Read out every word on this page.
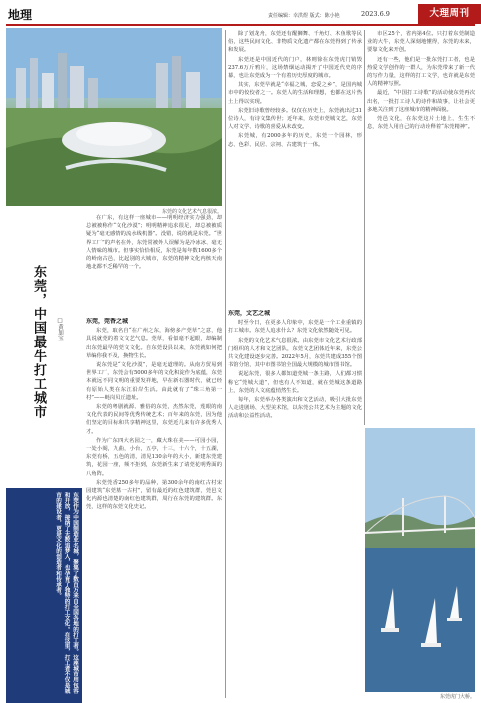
地理	责任编辑：幸洪煜 版式：陈小艳	2023.6.9	大理周刊
东莞的文化艺术气息很浓。
东莞，中国最牛打工城市	□黄加宝

在广东，有这样一座城市——明明经济实力强劲，却总被被称作“文化沙漠”；明明精神追求很足，却总被被质疑为“毫无感情的流水线机器”。没错，说的就是东莞。“世界工厂”的声名在外，东莞常被外人误解为是冷冰冰、毫无人情味的城市。但事实恰恰相反，东莞是每年数1600多个的岭南古邑，比起别的大城市，东莞的精神文化内核天南地北都不乏稀罕的一个。

东莞，莞香之城

东莞，取名自“在广州之东，海傍多产莞草”之意，他具说就莞的着文文艺气息。莞草，看似毫不起眼，却编制出东莞最早的莞文文化。自东莞设县以来，东莞就如何把草编你我不及，换物生长。

说东莞是“文化沙漠”，是毫无道理的。从南方贸易到世界工厂，东莞会有5000多年的文化积淀作为底蕴，东莞本就远不同文明的重要发祥地，早在新石器时代，就已经有原始人类在东江沿岸生活。由此就有了“珠三角第一村”——蚝岗贝丘遗址。

东莞的粤剧就源、雅俗的东莞，杰然东莞，莲眼的南文化代表的民间等优秀传统艺术；百年来的东莞，因为他们坚定的目标和共享精神这里，东莞近几来有许多优秀人才。

作为广东四大名园之一，藏大珠在美——可园小园，一处小阁，九曲，小台，五亭，十三，十六个，十五湖，东莞有桥，五色的清，清见130余年的大小，新建东莞建筑，花园一座，频不拒到，东莞新生来了请莞花明秀面的八角阵。

东莞莞香250多年的品种，第300余年的南红古村宋园建筑“东莞墓一古村”，留有最近的红色建筑群，莞邑文化内源也清楚的南红色建筑群，周行在东莞的建筑群。东莞，这样的东莞文化史记。

除了划龙舟，东莞还有醒狮舞、千角灯、木鱼歌等民俗，这些民间文化、非物质文化遗产都在东莞得到了传承和发展。

东莞还是中国近代的门户，林则徐在东莞虎门销毁237.6万斤鸦片，这场禁烟运动揭开了中国近代史的序幕，也让东莞成为一个有着历史厚度的城市。

其实，东莞早就是“幸福之城，恋爱之乡”，是国内城市中的佼佼者之一。东莞人的生活和理想，也都在这片热土上得以实现。

东莞旧诗歌曾经较多。仅仅在历史上，东莞就出过31位诗人，有诗文集传世；近年来，东莞市莞城文艺，东莞人对文学、诗歌的喜爱从未改变。

东莞城，有2000多年的历史，东莞一个园林，形态、色彩、民居、宗祠、古建筑于一体。

东莞，文艺之城

时至今日，在更多人印象中，东莞是一个工业重镇的打工城市。东莞人追求什么？东莞文化依然随处可见。

东莞的文化艺术气息很浓。由东莞市文化艺术行政部门组织的人才和文艺团队，东莞文艺团体近年来，东莞公共文化建设逐步完善。2022年5月，东莞共建成355个图书馆分馆，其中市图书馆全国最大规模的城市图书馆。

说起东莞，很多人都知道莞城一条主路，人们都习惯称它“莞城大道”，但也有人不知道，就在莞城这条道路上，东莞的人文底蕴悄然生长。

每年，东莞举办各类演出和文艺活动，吸引大批东莞人走进剧场、大型美术馆，以东莞公共艺术为主题的文化活动和公益性活动。

市区25个，省内第4位。只打着东莞制造业的大牛，东莞人深刻地懂得，东莞的未来，要靠文化来开创。

还有一些，他们是一批东莞打工者，也是热爱文学创作的一群人，为东莞带来了新一代的写作力量，这样的打工文学，也许就是东莞人的精神写照。

最近，“中国打工诗歌”的活动使东莞再次出名，一批打工诗人的诗作和故事，让社会更多地关注到了这座城市的精神面貌。

莞邑文化，在东莞这片土地上，生生不息，东莞人用自己的行动诠释着“东莞精神”。

东莞作为中国制造业名城，聚集了数百万来自全国各地的打工者。这座城市用包容和开放，接纳了无数追梦人，也孕育了独特的打工文化。在这里，打工者不仅是城市的建设者，更是文化的创造者和传承者。
东莞虎门大桥。
